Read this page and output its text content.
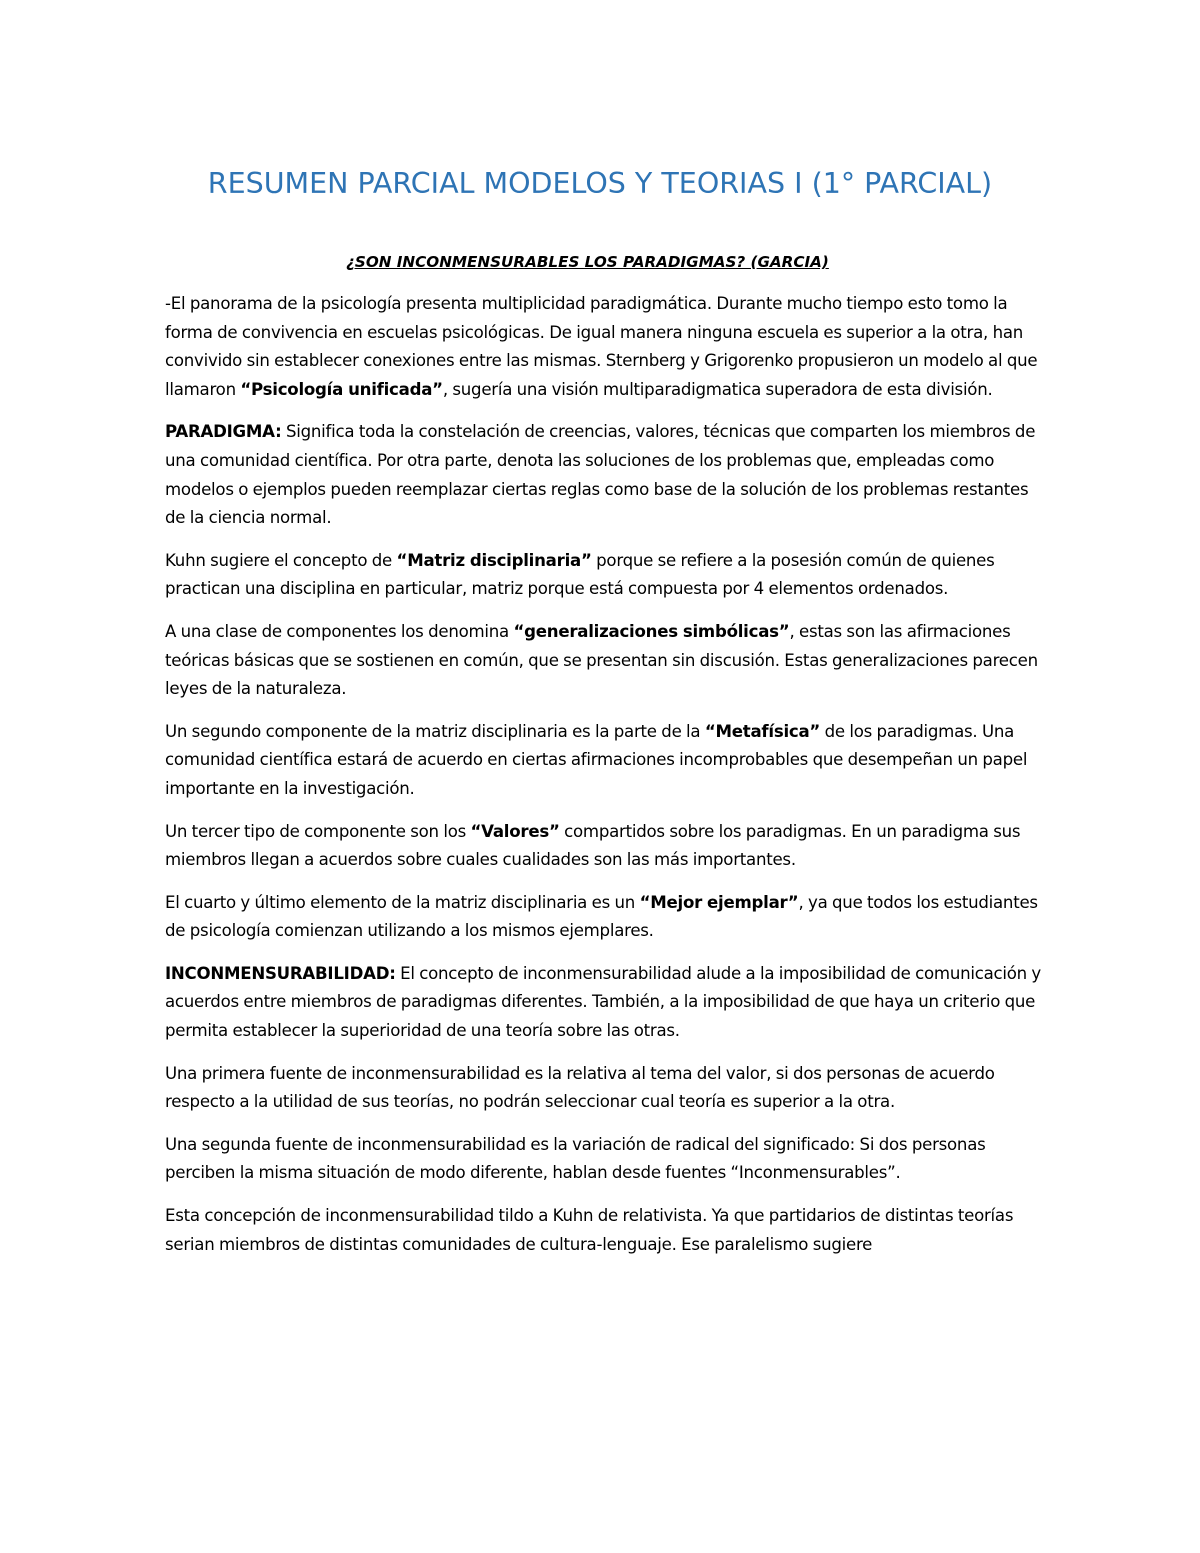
RESUMEN PARCIAL MODELOS Y TEORIAS I (1° PARCIAL)
¿SON INCONMENSURABLES LOS PARADIGMAS? (GARCIA)

-El panorama de la psicología presenta multiplicidad paradigmática. Durante mucho tiempo esto tomo la forma de convivencia en escuelas psicológicas. De igual manera ninguna escuela es superior a la otra, han convivido sin establecer conexiones entre las mismas. Sternberg y Grigorenko propusieron un modelo al que llamaron “Psicología unificada”, sugería una visión multiparadigmatica superadora de esta división.

PARADIGMA: Significa toda la constelación de creencias, valores, técnicas que comparten los miembros de una comunidad científica. Por otra parte, denota las soluciones de los problemas que, empleadas como modelos o ejemplos pueden reemplazar ciertas reglas como base de la solución de los problemas restantes de la ciencia normal.

Kuhn sugiere el concepto de “Matriz disciplinaria” porque se refiere a la posesión común de quienes practican una disciplina en particular, matriz porque está compuesta por 4 elementos ordenados.

A una clase de componentes los denomina “generalizaciones simbólicas”, estas son las afirmaciones teóricas básicas que se sostienen en común, que se presentan sin discusión. Estas generalizaciones parecen leyes de la naturaleza.

Un segundo componente de la matriz disciplinaria es la parte de la “Metafísica” de los paradigmas. Una comunidad científica estará de acuerdo en ciertas afirmaciones incomprobables que desempeñan un papel importante en la investigación.

Un tercer tipo de componente son los “Valores” compartidos sobre los paradigmas. En un paradigma sus miembros llegan a acuerdos sobre cuales cualidades son las más importantes.

El cuarto y último elemento de la matriz disciplinaria es un “Mejor ejemplar”, ya que todos los estudiantes de psicología comienzan utilizando a los mismos ejemplares.

INCONMENSURABILIDAD: El concepto de inconmensurabilidad alude a la imposibilidad de comunicación y acuerdos entre miembros de paradigmas diferentes. También, a la imposibilidad de que haya un criterio que permita establecer la superioridad de una teoría sobre las otras.

Una primera fuente de inconmensurabilidad es la relativa al tema del valor, si dos personas de acuerdo respecto a la utilidad de sus teorías, no podrán seleccionar cual teoría es superior a la otra.

Una segunda fuente de inconmensurabilidad es la variación de radical del significado: Si dos personas perciben la misma situación de modo diferente, hablan desde fuentes “Inconmensurables”.

Esta concepción de inconmensurabilidad tildo a Kuhn de relativista. Ya que partidarios de distintas teorías serian miembros de distintas comunidades de cultura-lenguaje. Ese paralelismo sugiere
